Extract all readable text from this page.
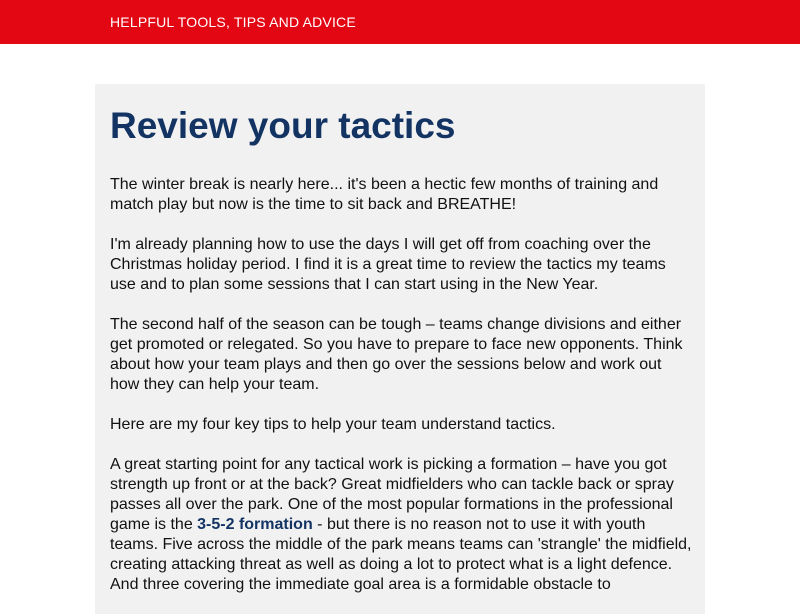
HELPFUL TOOLS, TIPS AND ADVICE
Review your tactics

The winter break is nearly here... it's been a hectic few months of training and match play but now is the time to sit back and BREATHE!

I'm already planning how to use the days I will get off from coaching over the Christmas holiday period. I find it is a great time to review the tactics my teams use and to plan some sessions that I can start using in the New Year.

The second half of the season can be tough – teams change divisions and either get promoted or relegated. So you have to prepare to face new opponents. Think about how your team plays and then go over the sessions below and work out how they can help your team.

Here are my four key tips to help your team understand tactics.

A great starting point for any tactical work is picking a formation – have you got strength up front or at the back? Great midfielders who can tackle back or spray passes all over the park. One of the most popular formations in the professional game is the 3-5-2 formation - but there is no reason not to use it with youth teams. Five across the middle of the park means teams can 'strangle' the midfield, creating attacking threat as well as doing a lot to protect what is a light defence. And three covering the immediate goal area is a formidable obstacle to
